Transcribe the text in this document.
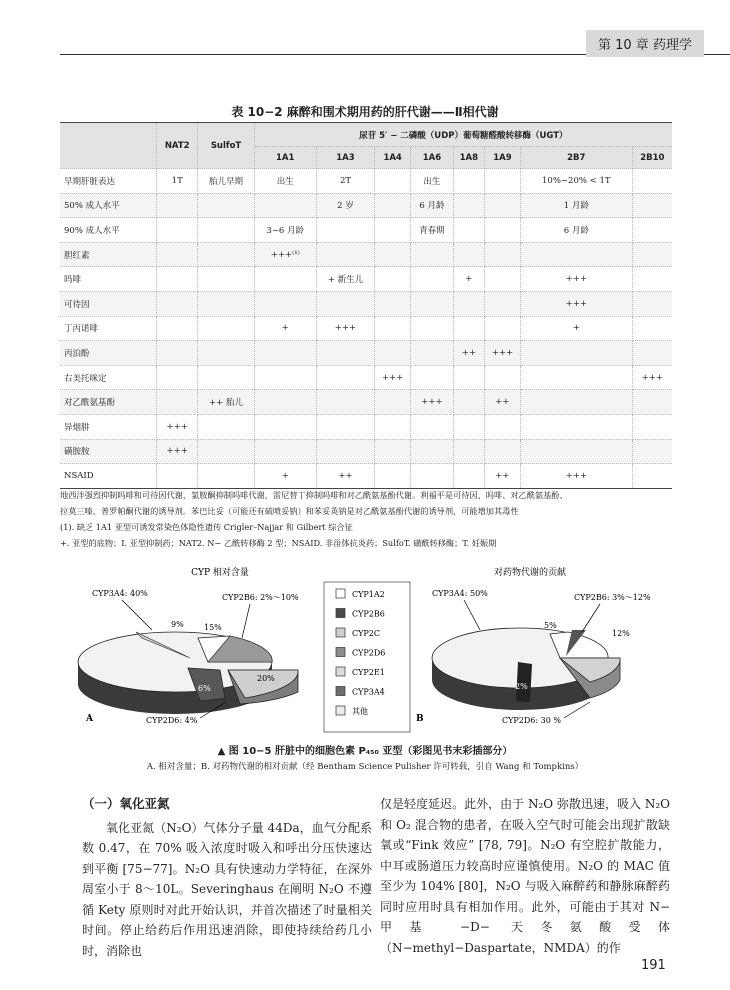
第 10 章 药理学
表 10−2 麻醉和围术期用药的肝代谢——Ⅱ相代谢
	NAT2	SulfoT	尿苷 5′ − 二磷酸（UDP）葡萄糖醛酸转移酶（UGT）							
			1A1	1A3	1A4	1A6	1A8	1A9	2B7	2B10
早期肝脏表达	1T	胎儿早期	出生	2T		出生			10%~20% < 1T	
50% 成人水平				2 岁		6 月龄			1 月龄	
90% 成人水平			3~6 月龄			青春期			6 月龄	
胆红素			+++⁽¹⁾							
吗啡				+ 新生儿			+		+++	
可待因									+++	
丁丙诺啡			+	+++					+	
丙泊酚							++	+++		
右美托咪定					+++					+++
对乙酰氨基酚		++ 胎儿				+++		++		
异烟肼	+++									
磺胺胺	+++									
NSAID			+	++				++	+++	
地西泮强烈抑制吗啡和可待因代谢，氯胺酮抑制吗啡代谢，雷尼替丁抑制吗啡和对乙酰氨基酚代谢。利福平是可待因、吗啡、对乙酰氨基酚、
拉莫三嗪、普罗帕酮代谢的诱导剂。苯巴比妥（可能还有硫喷妥钠）和苯妥英钠是对乙酰氨基酚代谢的诱导剂，可能增加其毒性
(1). 缺乏 1A1 亚型可诱发常染色体隐性遗传 Crigler–Najjar 和 Gilbert 综合征
+. 亚型的底物；I. 亚型抑制药；NAT2. N− 乙酰转移酶 2 型；NSAID. 非甾体抗炎药；SulfoT. 磺酰转移酶；T. 妊娠期
CYP 相对含量	对药物代谢的贡献
9%	15%
20%
6%
CYP3A4: 40%	CYP2B6: 2%～10%
CYP2D6: 4%
A
CYP1A2
CYP2B6
CYP2C
CYP2D6
CYP2E1
CYP3A4
其他
5%
12%
2%
CYP3A4: 50%	CYP2B6: 3%～12%
CYP2D6: 30 %
B
▲ 图 10−5 肝脏中的细胞色素 P₄₅₀ 亚型（彩图见书末彩插部分）
A. 相对含量；B. 对药物代谢的相对贡献（经 Bentham Science Pulisher 许可转载，引自 Wang 和 Tompkins）
（一）氧化亚氮

氧化亚氮（N₂O）气体分子量 44Da，血气分配系数 0.47，在 70% 吸入浓度时吸入和呼出分压快速达到平衡 [75−77]。N₂O 具有快速动力学特征，在深外周室小于 8～10L。Severinghaus 在阐明 N₂O 不遵循 Kety 原则时对此开始认识，并首次描述了时量相关时间。停止给药后作用迅速消除，即使持续给药几小时，消除也

仅是轻度延迟。此外，由于 N₂O 弥散迅速，吸入 N₂O 和 O₂ 混合物的患者，在吸入空气时可能会出现扩散缺氧或“Fink 效应” [78, 79]。N₂O 有空腔扩散能力，中耳或肠道压力较高时应谨慎使用。N₂O 的 MAC 值至少为 104% [80]，N₂O 与吸入麻醉药和静脉麻醉药同时应用时具有相加作用。此外，可能由于其对 N− 甲基 −D− 天冬氨酸受体（N−methyl−Daspartate，NMDA）的作

191
